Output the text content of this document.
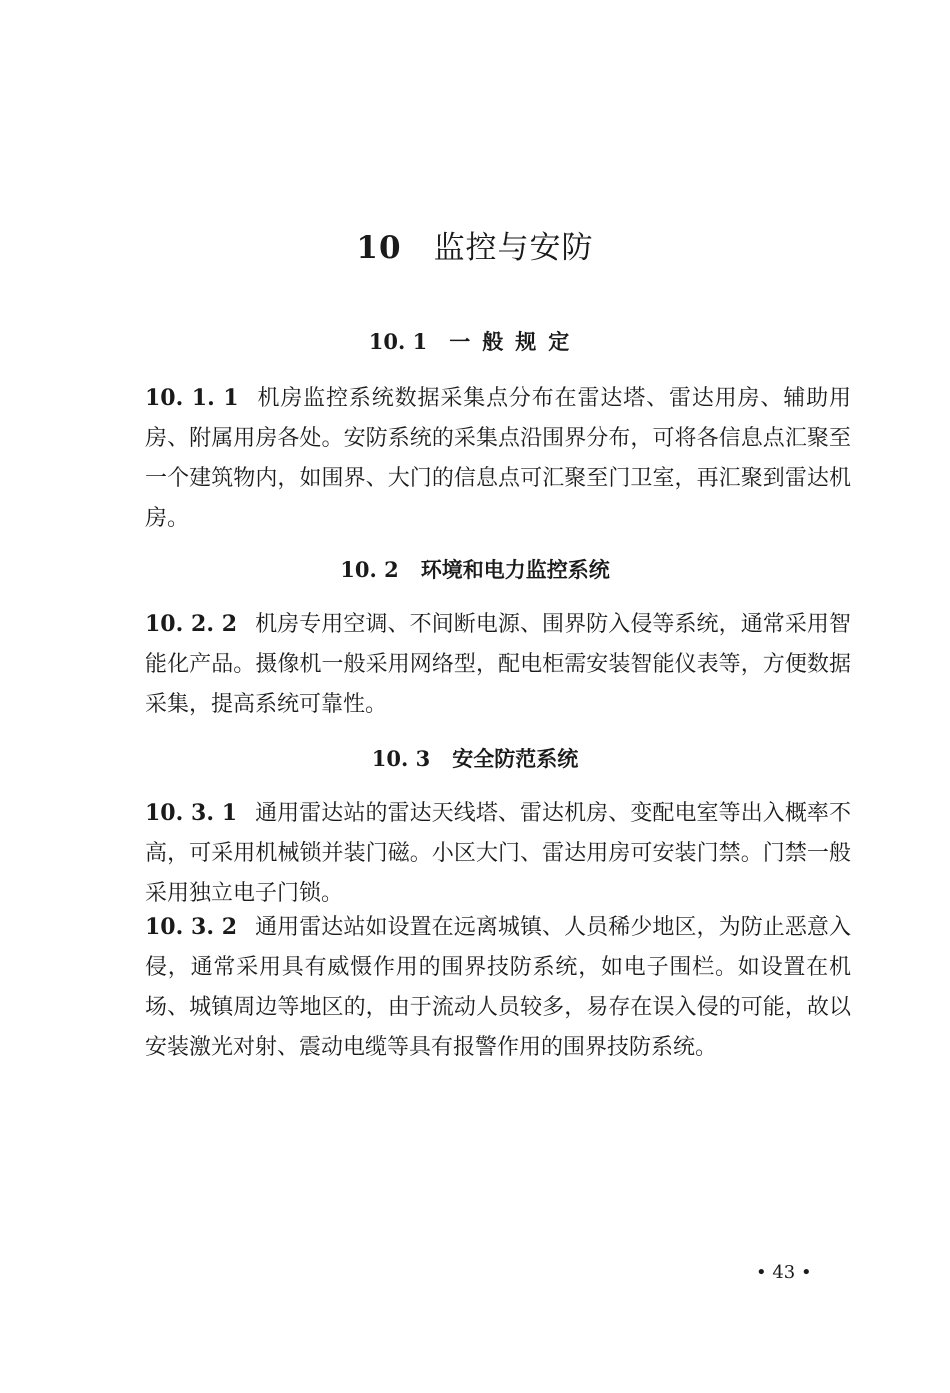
10 监控与安防
10. 1 一般规定
10. 1. 1 机房监控系统数据采集点分布在雷达塔、雷达用房、辅助用房、附属用房各处。安防系统的采集点沿围界分布，可将各信息点汇聚至一个建筑物内，如围界、大门的信息点可汇聚至门卫室，再汇聚到雷达机房。
10. 2 环境和电力监控系统
10. 2. 2 机房专用空调、不间断电源、围界防入侵等系统，通常采用智能化产品。摄像机一般采用网络型，配电柜需安装智能仪表等，方便数据采集，提高系统可靠性。
10. 3 安全防范系统
10. 3. 1 通用雷达站的雷达天线塔、雷达机房、变配电室等出入概率不高，可采用机械锁并装门磁。小区大门、雷达用房可安装门禁。门禁一般采用独立电子门锁。
10. 3. 2 通用雷达站如设置在远离城镇、人员稀少地区，为防止恶意入侵，通常采用具有威慑作用的围界技防系统，如电子围栏。如设置在机场、城镇周边等地区的，由于流动人员较多，易存在误入侵的可能，故以安装激光对射、震动电缆等具有报警作用的围界技防系统。
• 43 •
